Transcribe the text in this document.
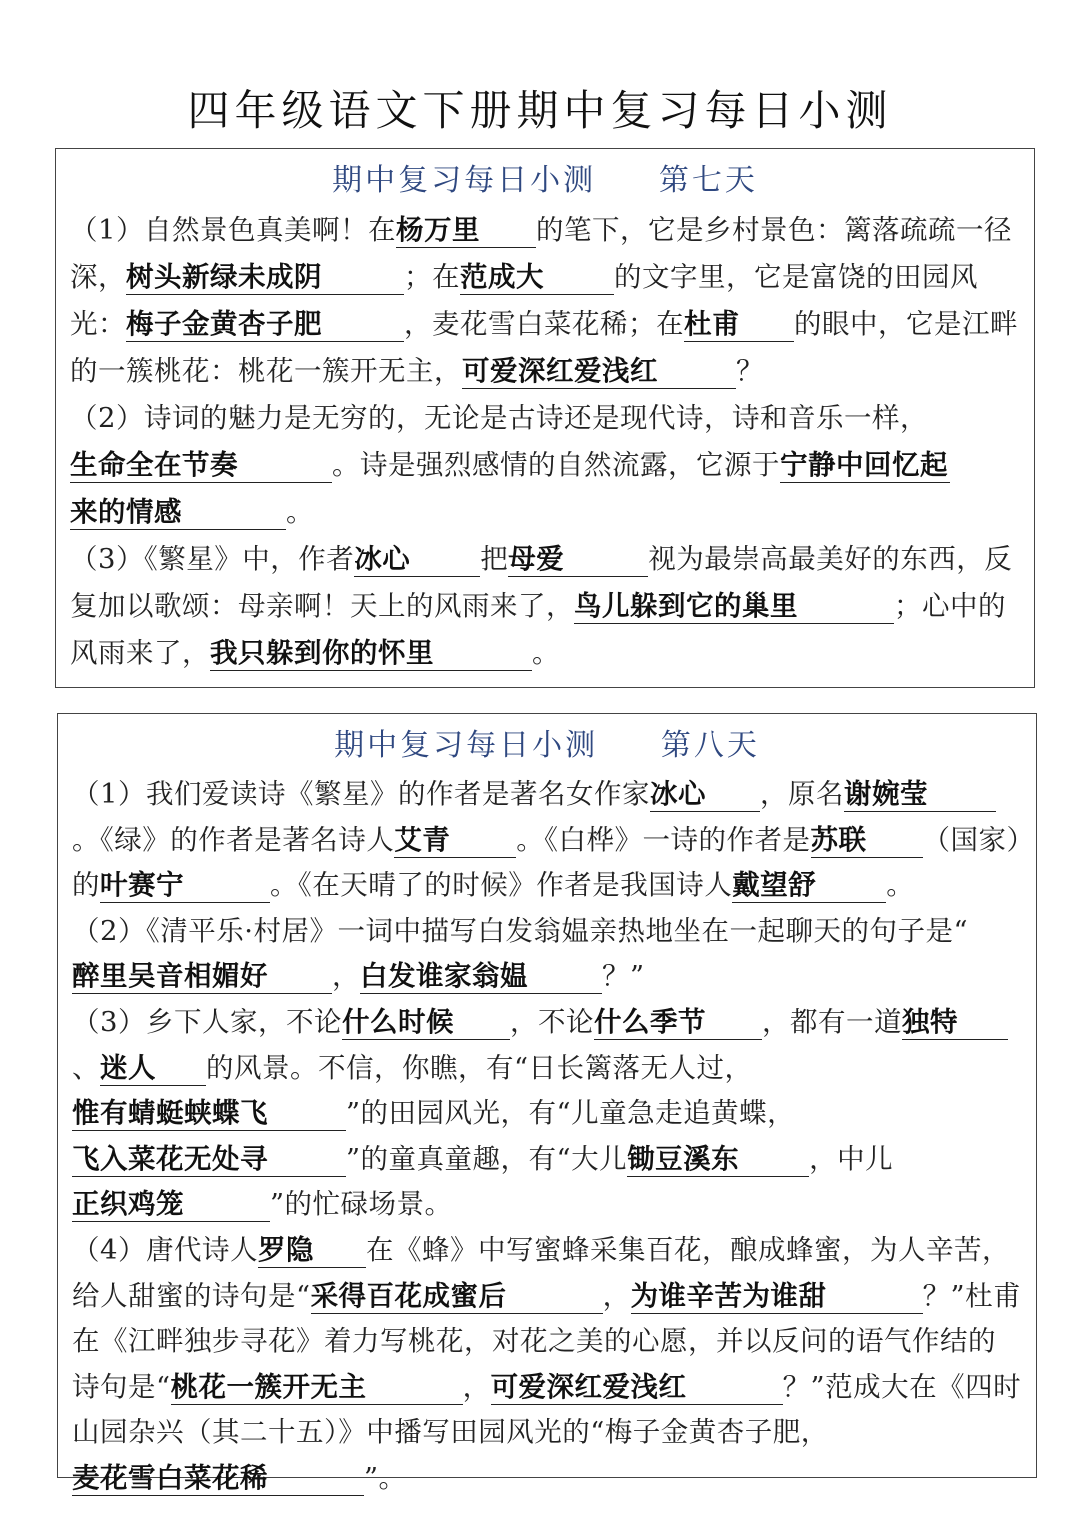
四年级语文下册期中复习每日小测
期中复习每日小测     第七天
（1）自然景色真美啊！在杨万里 的笔下，它是乡村景色：篱落疏疏一径深，树头新绿未成阴	；在范成大	的文字里，它是富饶的田园风光：梅子金黄杏子肥	，麦花雪白菜花稀；在杜甫 的眼中，它是江畔的一簇桃花：桃花一簇开无主，可爱深红爱浅红	？
（2）诗词的魅力是无穷的，无论是古诗还是现代诗，诗和音乐一样，生命全在节奏	。诗是强烈感情的自然流露，它源于宁静中回忆起
来的情感	。
（3）《繁星》中，作者冰心	把母爱	视为最崇高最美好的东西，反复加以歌颂：母亲啊！天上的风雨来了，鸟儿躲到它的巢里	；心中的风雨来了，我只躲到你的怀里	。
期中复习每日小测     第八天
（1）我们爱读诗《繁星》的作者是著名女作家冰心 ，原名谢婉莹。《绿》的作者是著名诗人艾青 。《白桦》一诗的作者是苏联 （国家）的叶赛宁	。《在天晴了的时候》作者是我国诗人戴望舒	。
（2）《清平乐·村居》一词中描写白发翁媪亲热地坐在一起聊天的句子是“醉里吴音相媚好 ，白发谁家翁媪	？”
（3）乡下人家，不论什么时候 ，不论什么季节 ，都有一道独特、迷人 的风景。不信，你瞧，有“日长篱落无人过，惟有蜻蜓蛱蝶飞	”的田园风光，有“儿童急走追黄蝶，飞入菜花无处寻	”的童真童趣，有“大儿锄豆溪东	，中儿正织鸡笼	”的忙碌场景。
（4）唐代诗人罗隐 在《蜂》中写蜜蜂采集百花，酿成蜂蜜，为人辛苦，给人甜蜜的诗句是“采得百花成蜜后	，为谁辛苦为谁甜	？”杜甫在《江畔独步寻花》着力写桃花，对花之美的心愿，并以反问的语气作结的诗句是“桃花一簇开无主	，可爱深红爱浅红	？”范成大在《四时山园杂兴（其二十五）》中播写田园风光的“梅子金黄杏子肥，麦花雪白菜花稀	”。
